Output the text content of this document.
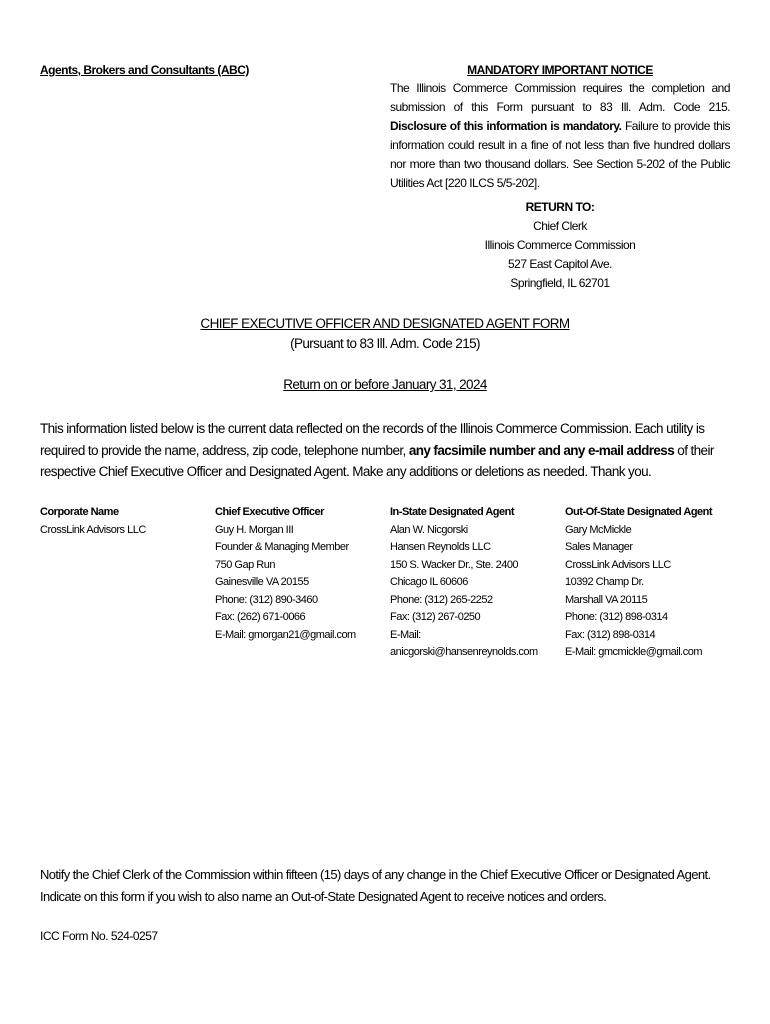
Agents, Brokers and Consultants (ABC)	MANDATORY IMPORTANT NOTICE
The Illinois Commerce Commission requires the completion and submission of this Form pursuant to 83 Ill. Adm. Code 215. Disclosure of this information is mandatory. Failure to provide this information could result in a fine of not less than five hundred dollars nor more than two thousand dollars. See Section 5-202 of the Public Utilities Act [220 ILCS 5/5-202].
RETURN TO:
Chief Clerk
Illinois Commerce Commission
527 East Capitol Ave.
Springfield, IL 62701
CHIEF EXECUTIVE OFFICER AND DESIGNATED AGENT FORM
(Pursuant to 83 Ill. Adm. Code 215)
Return on or before January 31, 2024
This information listed below is the current data reflected on the records of the Illinois Commerce Commission. Each utility is required to provide the name, address, zip code, telephone number, any facsimile number and any e-mail address of their respective Chief Executive Officer and Designated Agent. Make any additions or deletions as needed. Thank you.
Corporate Name
CrossLink Advisors LLC
Chief Executive Officer
Guy H. Morgan III
Founder & Managing Member
750 Gap Run
Gainesville VA 20155
Phone: (312) 890-3460
Fax: (262) 671-0066
E-Mail: gmorgan21@gmail.com
In-State Designated Agent
Alan W. Nicgorski
Hansen Reynolds LLC
150 S. Wacker Dr., Ste. 2400
Chicago IL 60606
Phone: (312) 265-2252
Fax: (312) 267-0250
E-Mail: anicgorski@hansenreynolds.com
Out-Of-State Designated Agent
Gary McMickle
Sales Manager
CrossLink Advisors LLC
10392 Champ Dr.
Marshall VA 20115
Phone: (312) 898-0314
Fax: (312) 898-0314
E-Mail: gmcmickle@gmail.com
Notify the Chief Clerk of the Commission within fifteen (15) days of any change in the Chief Executive Officer or Designated Agent.
Indicate on this form if you wish to also name an Out-of-State Designated Agent to receive notices and orders.
ICC Form No. 524-0257
